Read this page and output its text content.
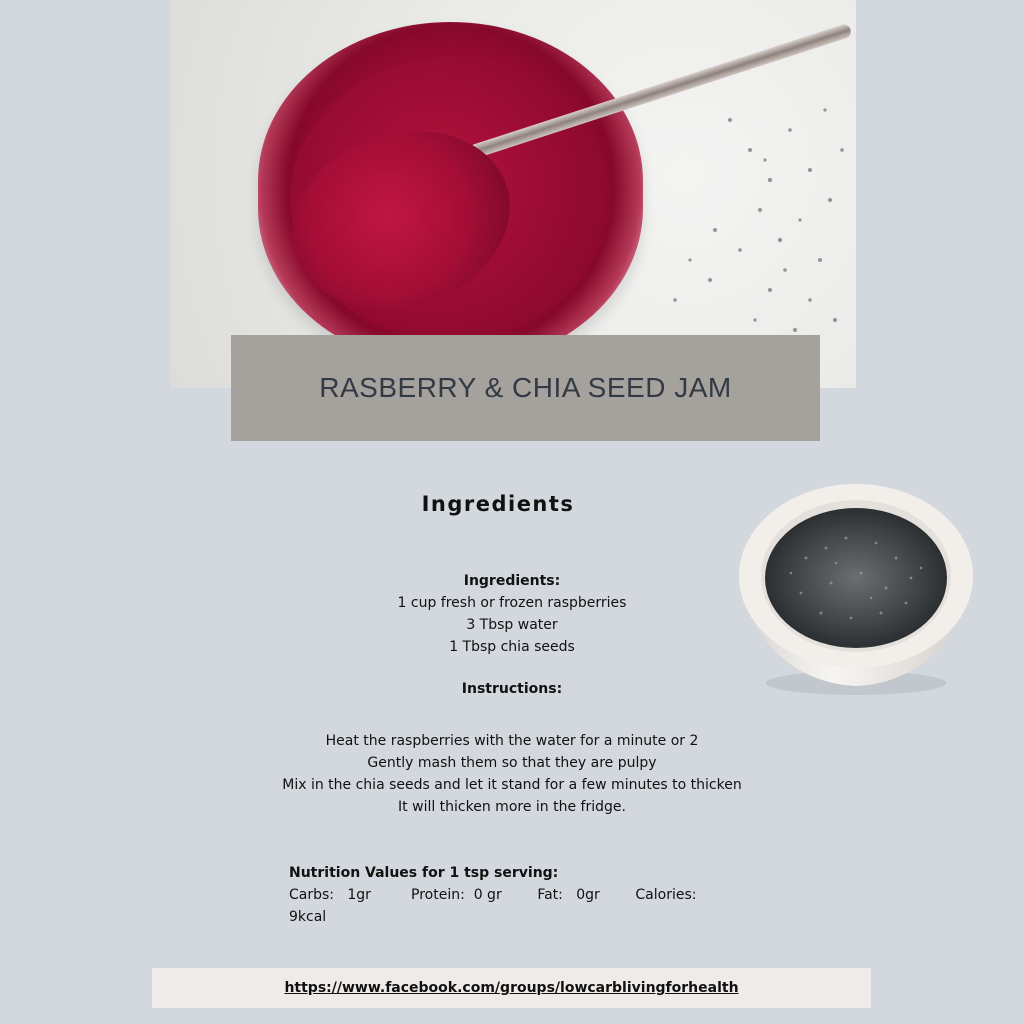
RASBERRY & CHIA SEED JAM
Ingredients
Ingredients:
1 cup fresh or frozen raspberries
3 Tbsp water
1 Tbsp chia seeds
Instructions:
Heat the raspberries with the water for a minute or 2
Gently mash them so that they are pulpy
Mix in the chia seeds and let it stand for a few minutes to thicken
It will thicken more in the fridge.
Nutrition Values for 1 tsp serving:
Carbs: 1gr	Protein: 0 gr	Fat: 0gr	Calories:    9kcal
https://www.facebook.com/groups/lowcarblivingforhealth
